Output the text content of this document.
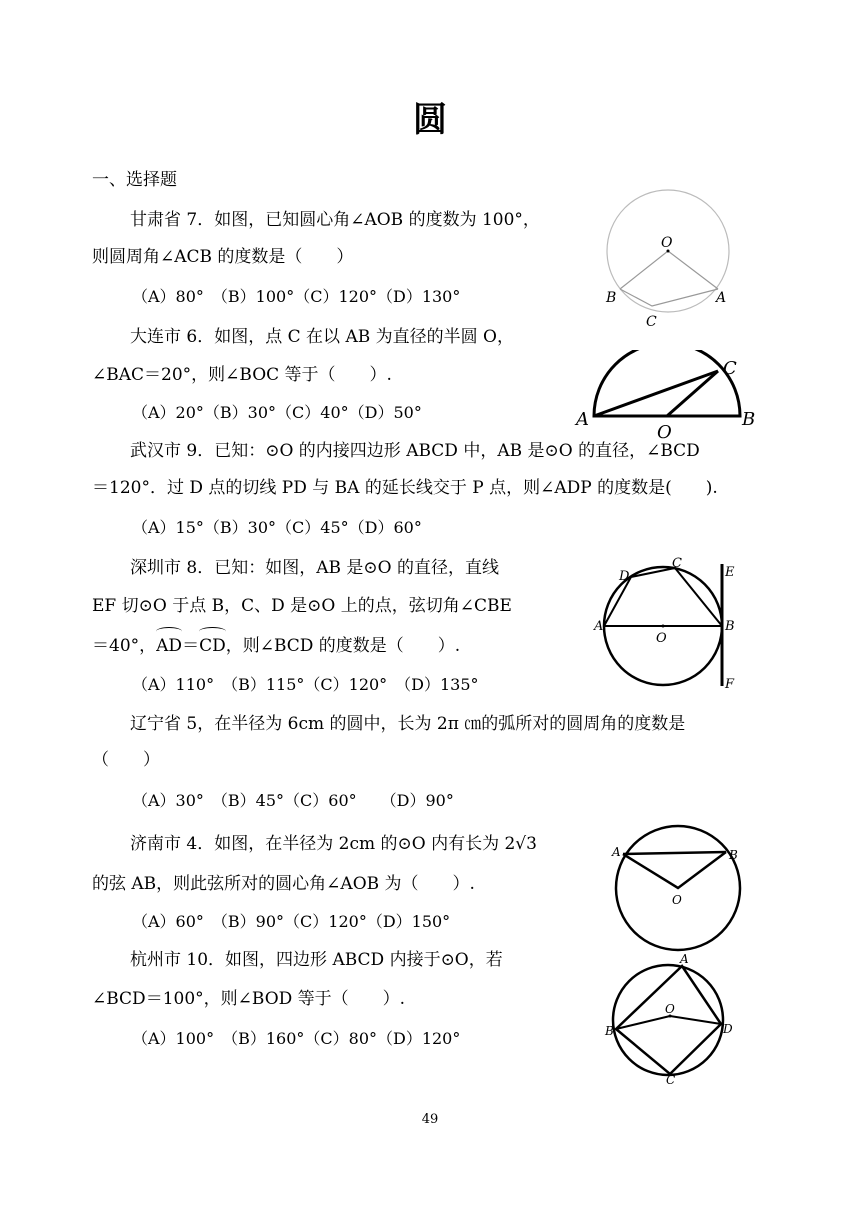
圆
一、选择题
甘肃省 7．如图，已知圆心角∠AOB 的度数为 100°，
则圆周角∠ACB 的度数是（　　）
（A）80°　（B）100°（C）120°（D）130°
大连市 6．如图，点 C 在以 AB 为直径的半圆 O，
∠BAC＝20°，则∠BOC 等于（　　）.
（A）20°（B）30°（C）40°（D）50°
武汉市 9．已知：⊙O 的内接四边形 ABCD 中，AB 是⊙O 的直径，∠BCD
＝120°．过 D 点的切线 PD 与 BA 的延长线交于 P 点，则∠ADP 的度数是(　　).
（A）15°（B）30°（C）45°（D）60°
深圳市 8．已知：如图，AB 是⊙O 的直径，直线
EF 切⊙O 于点 B，C、D 是⊙O 上的点，弦切角∠CBE
＝40°，AD＝CD，则∠BCD 的度数是（　　）.
（A）110°　（B）115°（C）120°　（D）135°
辽宁省 5，在半径为 6cm 的圆中，长为 2π ㎝的弧所对的圆周角的度数是
（　　）
（A）30°　（B）45°（C）60°　　（D）90°
济南市 4．如图，在半径为 2cm 的⊙O 内有长为 2√3
的弦 AB，则此弦所对的圆心角∠AOB 为（　　）.
（A）60°　（B）90°（C）120°（D）150°
杭州市 10．如图，四边形 ABCD 内接于⊙O，若
∠BCD＝100°，则∠BOD 等于（　　）.
（A）100°　（B）160°（C）80°（D）120°
O
A
B
C
C
A	B
O
D
C
E
A	B
O
F
A	B
O
A
O
B	D
C
49
